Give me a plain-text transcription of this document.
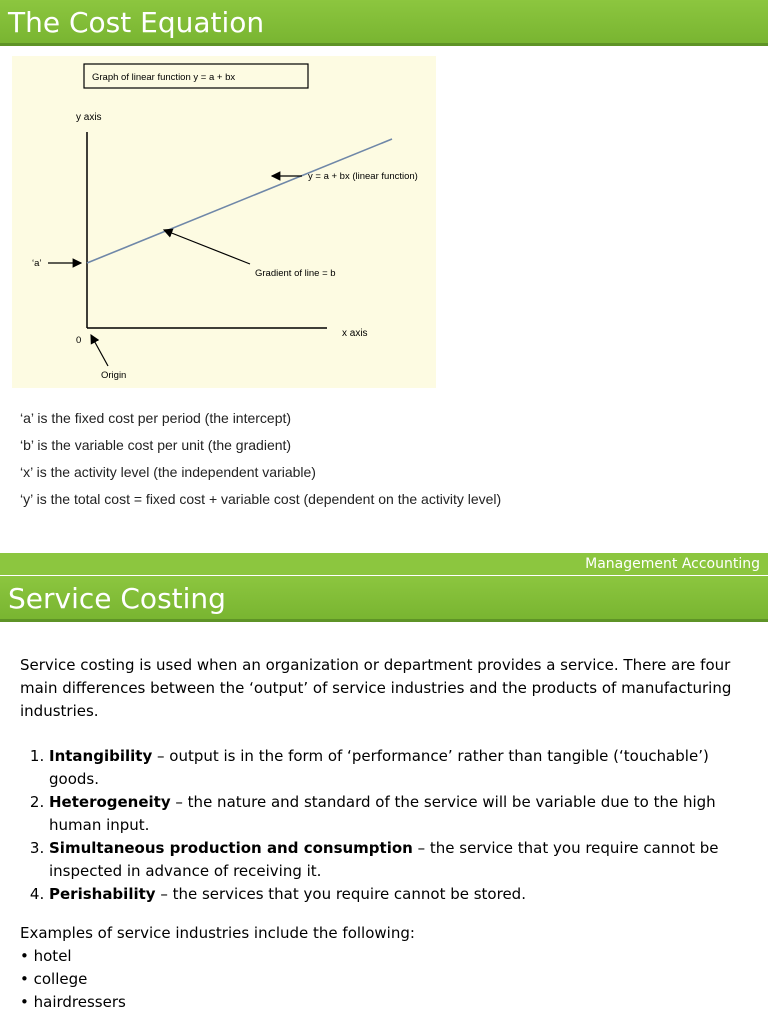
The Cost Equation
Graph of linear function y = a + bx
y axis
x axis
‘a’
y = a + bx (linear function)
Gradient of line = b
0
Origin

‘a’ is the fixed cost per period (the intercept)

‘b’ is the variable cost per unit (the gradient)

‘x’ is the activity level (the independent variable)

‘y’ is the total cost = fixed cost + variable cost (dependent on the activity level)

Management Accounting
Service Costing

Service costing is used when an organization or department provides a service. There are four main differences between the ‘output’ of service industries and the products of manufacturing industries.

1. Intangibility – output is in the form of ‘performance’ rather than tangible (‘touchable’) goods.
2. Heterogeneity – the nature and standard of the service will be variable due to the high human input.
3. Simultaneous production and consumption – the service that you require cannot be inspected in advance of receiving it.
4. Perishability – the services that you require cannot be stored.

Examples of service industries include the following:

• hotel
• college
• hairdressers
